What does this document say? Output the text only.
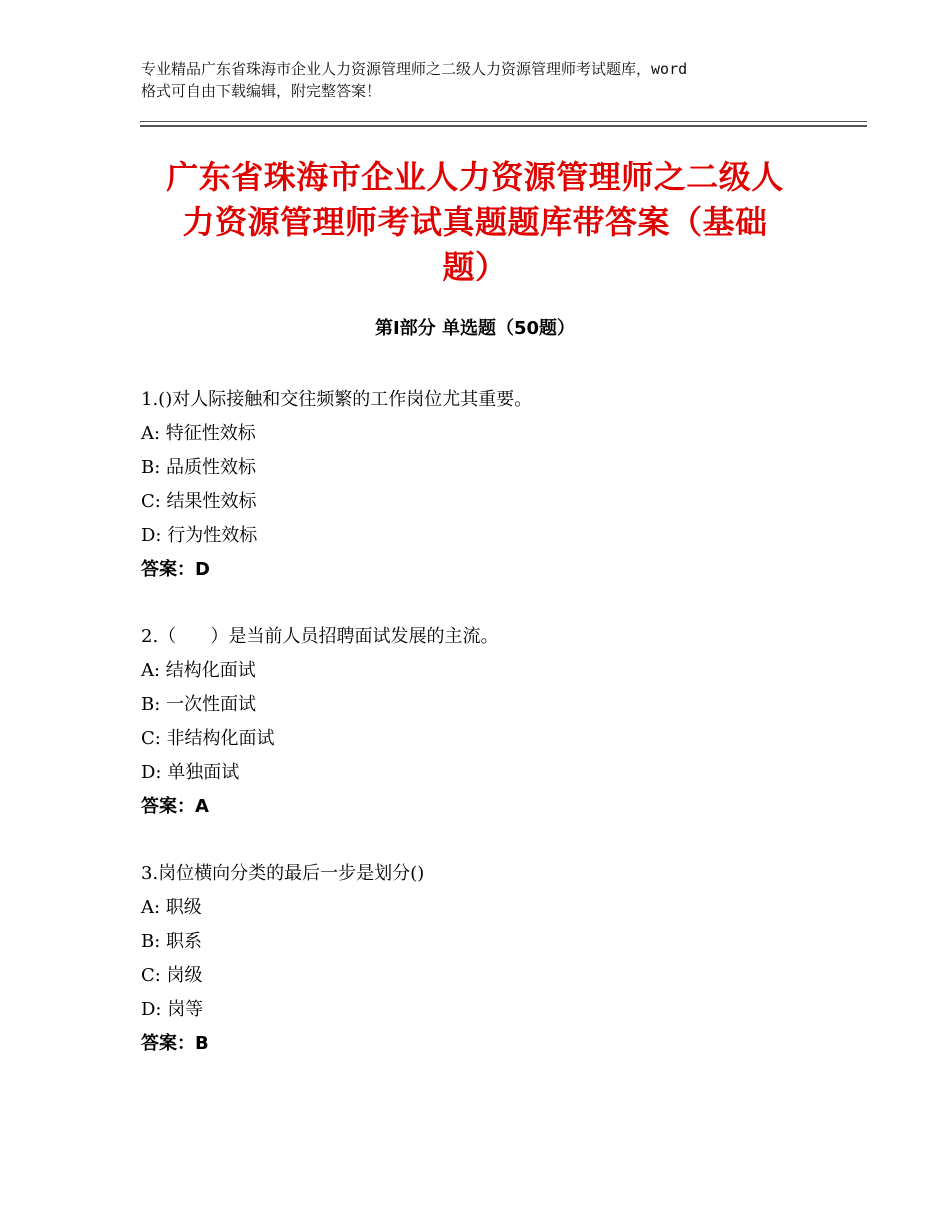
专业精品广东省珠海市企业人力资源管理师之二级人力资源管理师考试题库，word
格式可自由下载编辑，附完整答案！
广东省珠海市企业人力资源管理师之二级人
力资源管理师考试真题题库带答案（基础
题）
第Ⅰ部分 单选题（50题）
1.()对人际接触和交往频繁的工作岗位尤其重要。
A: 特征性效标
B: 品质性效标
C: 结果性效标
D: 行为性效标
答案：D
2.（      ）是当前人员招聘面试发展的主流。
A: 结构化面试
B: 一次性面试
C: 非结构化面试
D: 单独面试
答案：A
3.岗位横向分类的最后一步是划分()
A: 职级
B: 职系
C: 岗级
D: 岗等
答案：B
